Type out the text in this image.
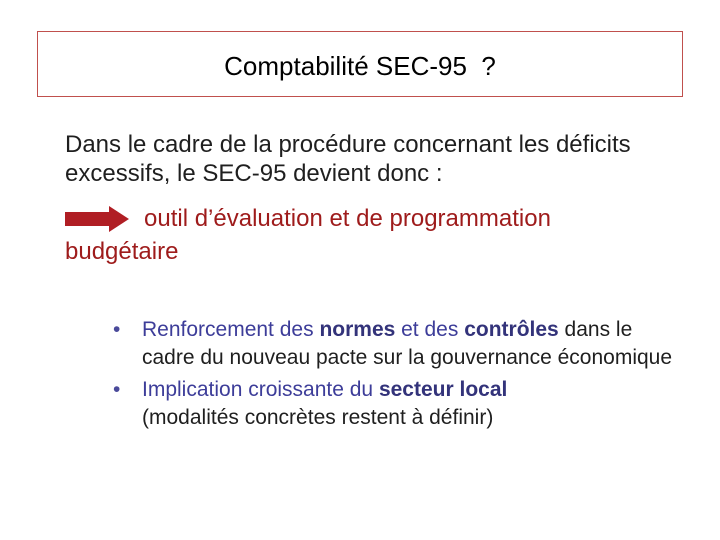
Comptabilité SEC-95  ?
Dans le cadre de la procédure concernant les déficits excessifs, le SEC-95 devient donc :
outil d’évaluation et de programmation
budgétaire
• Renforcement des normes et des contrôles dans le cadre du nouveau pacte sur la gouvernance économique
• Implication croissante du secteur local
(modalités concrètes restent à définir)
